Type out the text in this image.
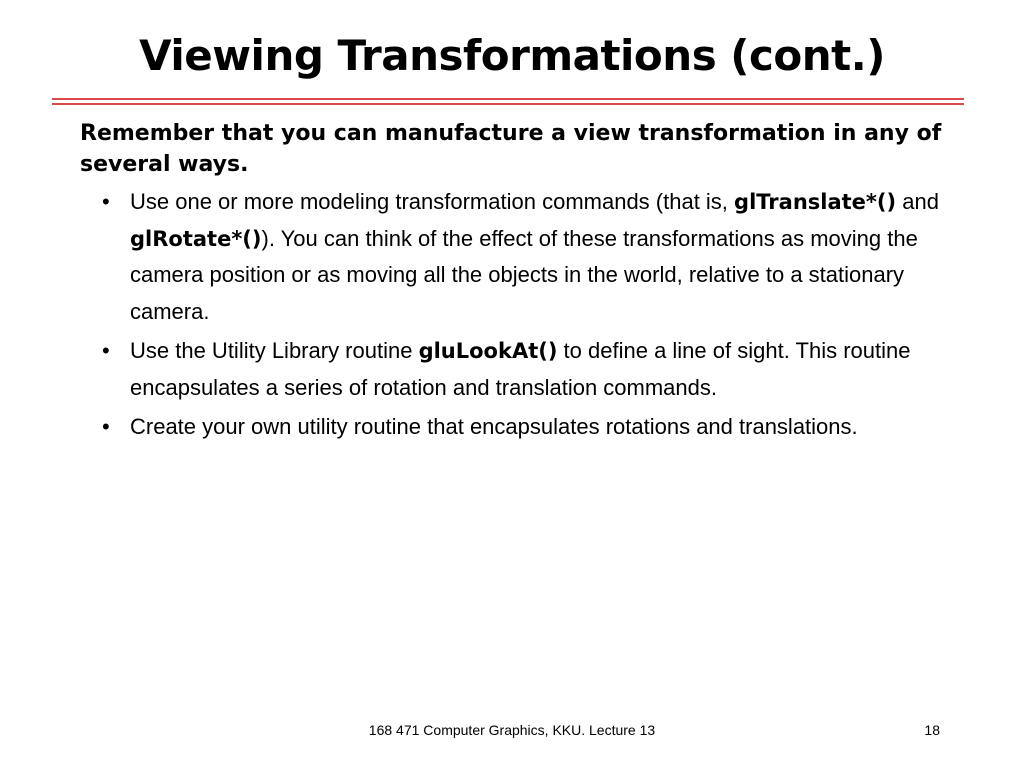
Viewing Transformations (cont.)
Remember that you can manufacture a view transformation in any of several ways.
• Use one or more modeling transformation commands (that is, glTranslate*() and glRotate*()). You can think of the effect of these transformations as moving the camera position or as moving all the objects in the world, relative to a stationary camera.
• Use the Utility Library routine gluLookAt() to define a line of sight. This routine encapsulates a series of rotation and translation commands.
• Create your own utility routine that encapsulates rotations and translations.
168 471 Computer Graphics, KKU. Lecture 13	18
